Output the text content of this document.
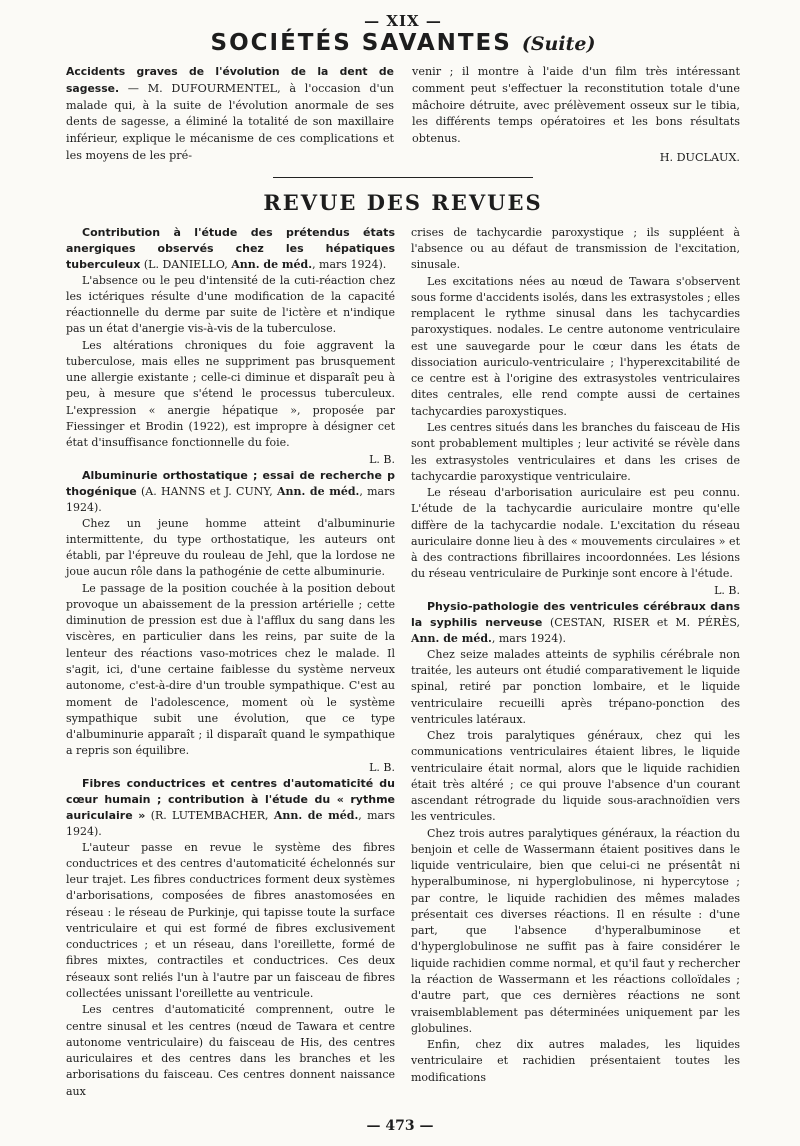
— XIX —

SOCIÉTÉS SAVANTES (Suite)

Accidents graves de l'évolution de la dent de sagesse. — M. DUFOURMENTEL, à l'occasion d'un malade qui, à la suite de l'évolution anormale de ses dents de sagesse, a éliminé la totalité de son maxillaire inférieur, explique le mécanisme de ces complications et les moyens de les pré-

venir ; il montre à l'aide d'un film très intéressant comment peut s'effectuer la reconstitution totale d'une mâchoire détruite, avec prélèvement osseux sur le tibia, les différents temps opératoires et les bons résultats obtenus.

H. DUCLAUX.
REVUE DES REVUES

Contribution à l'étude des prétendus états anergiques observés chez les hépatiques tuberculeux (L. DANIELLO, Ann. de méd., mars 1924).

L'absence ou le peu d'intensité de la cuti-réaction chez les ictériques résulte d'une modification de la capacité réactionnelle du derme par suite de l'ictère et n'indique pas un état d'anergie vis-à-vis de la tuberculose.

Les altérations chroniques du foie aggravent la tuberculose, mais elles ne suppriment pas brusquement une allergie existante ; celle-ci diminue et disparaît peu à peu, à mesure que s'étend le processus tuberculeux. L'expression « anergie hépatique », proposée par Fiessinger et Brodin (1922), est impropre à désigner cet état d'insuffisance fonctionnelle du foie.

L. B.

Albuminurie orthostatique ; essai de recherche p thogénique (A. HANNS et J. CUNY, Ann. de méd., mars 1924).

Chez un jeune homme atteint d'albuminurie intermittente, du type orthostatique, les auteurs ont établi, par l'épreuve du rouleau de Jehl, que la lordose ne joue aucun rôle dans la pathogénie de cette albuminurie.

Le passage de la position couchée à la position debout provoque un abaissement de la pression artérielle ; cette diminution de pression est due à l'afflux du sang dans les viscères, en particulier dans les reins, par suite de la lenteur des réactions vaso-motrices chez le malade. Il s'agit, ici, d'une certaine faiblesse du système nerveux autonome, c'est-à-dire d'un trouble sympathique. C'est au moment de l'adolescence, moment où le système sympathique subit une évolution, que ce type d'albuminurie apparaît ; il disparaît quand le sympathique a repris son équilibre.

L. B.

Fibres conductrices et centres d'automaticité du cœur humain ; contribution à l'étude du « rythme auriculaire » (R. LUTEMBACHER, Ann. de méd., mars 1924).

L'auteur passe en revue le système des fibres conductrices et des centres d'automaticité échelonnés sur leur trajet. Les fibres conductrices forment deux systèmes d'arborisations, composées de fibres anastomosées en réseau : le réseau de Purkinje, qui tapisse toute la surface ventriculaire et qui est formé de fibres exclusivement conductrices ; et un réseau, dans l'oreillette, formé de fibres mixtes, contractiles et conductrices. Ces deux réseaux sont reliés l'un à l'autre par un faisceau de fibres collectées unissant l'oreillette au ventricule.

Les centres d'automaticité comprennent, outre le centre sinusal et les centres (nœud de Tawara et centre autonome ventriculaire) du faisceau de His, des centres auriculaires et des centres dans les branches et les arborisations du faisceau. Ces centres donnent naissance aux

crises de tachycardie paroxystique ; ils suppléent à l'absence ou au défaut de transmission de l'excitation, sinusale.

Les excitations nées au nœud de Tawara s'observent sous forme d'accidents isolés, dans les extrasystoles ; elles remplacent le rythme sinusal dans les tachycardies paroxystiques. nodales. Le centre autonome ventriculaire est une sauvegarde pour le cœur dans les états de dissociation auriculo-ventriculaire ; l'hyperexcitabilité de ce centre est à l'origine des extrasystoles ventriculaires dites centrales, elle rend compte aussi de certaines tachycardies paroxystiques.

Les centres situés dans les branches du faisceau de His sont probablement multiples ; leur activité se révèle dans les extrasystoles ventriculaires et dans les crises de tachycardie paroxystique ventriculaire.

Le réseau d'arborisation auriculaire est peu connu. L'étude de la tachycardie auriculaire montre qu'elle diffère de la tachycardie nodale. L'excitation du réseau auriculaire donne lieu à des « mouvements circulaires » et à des contractions fibrillaires incoordonnées. Les lésions du réseau ventriculaire de Purkinje sont encore à l'étude.

L. B.

Physio-pathologie des ventricules cérébraux dans la syphilis nerveuse (CESTAN, RISER et M. PÉRÈS, Ann. de méd., mars 1924).

Chez seize malades atteints de syphilis cérébrale non traitée, les auteurs ont étudié comparativement le liquide spinal, retiré par ponction lombaire, et le liquide ventriculaire recueilli après trépano-ponction des ventricules latéraux.

Chez trois paralytiques généraux, chez qui les communications ventriculaires étaient libres, le liquide ventriculaire était normal, alors que le liquide rachidien était très altéré ; ce qui prouve l'absence d'un courant ascendant rétrograde du liquide sous-arachnoïdien vers les ventricules.

Chez trois autres paralytiques généraux, la réaction du benjoin et celle de Wassermann étaient positives dans le liquide ventriculaire, bien que celui-ci ne présentât ni hyperalbuminose, ni hyperglobulinose, ni hypercytose ; par contre, le liquide rachidien des mêmes malades présentait ces diverses réactions. Il en résulte : d'une part, que l'absence d'hyperalbuminose et d'hyperglobulinose ne suffit pas à faire considérer le liquide rachidien comme normal, et qu'il faut y rechercher la réaction de Wassermann et les réactions colloïdales ; d'autre part, que ces dernières réactions ne sont vraisemblablement pas déterminées uniquement par les globulines.

Enfin, chez dix autres malades, les liquides ventriculaire et rachidien présentaient toutes les modifications

— 473 —
